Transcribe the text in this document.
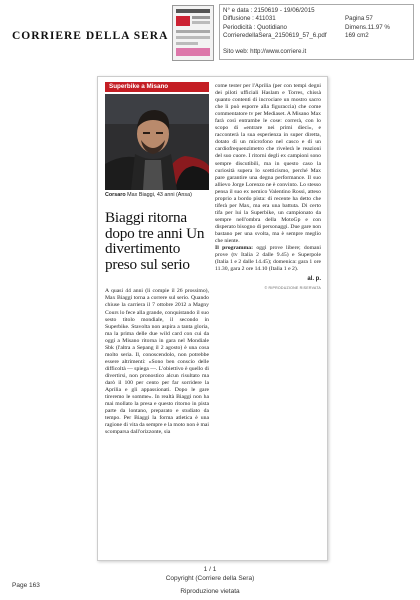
CORRIERE DELLA SERA
N° e data : 2150619 - 19/06/2015
Diffusione : 411031	Pagina 57
Periodicità : Quotidiano	Dimens.11.97 %
CorrieredellaSera_2150619_57_6.pdf	169 cm2
Sito web: http://www.corriere.it
Superbike a Misano
Corsaro Max Biaggi, 43 anni (Ansa)
Biaggi ritorna dopo tre anni Un divertimento preso sul serio

A quasi 44 anni (li compie il 26 prossimo), Max Biaggi torna a correre sul serio. Quando chiuse la carriera il 7 ottobre 2012 a Magny Cours lo fece alla grande, conquistando il suo sesto titolo mondiale, il secondo in Superbike. Stavolta non aspira a tanta gloria, ma la prima delle due wild card con cui da oggi a Misano ritorna in gara nel Mondiale Sbk (l'altra a Sepang il 2 agosto) è una cosa molto seria. Il, conoscendolo, non potrebbe essere altrimenti: «Sono ben conscio delle difficoltà — spiega —. L'obiettivo è quello di divertirsi, non pronostico alcun risultato ma darò il 100 per cento per far sorridere la Aprilia e gli appassionati. Dopo le gare tireremo le somme». In realtà Biaggi non ha mai mollato la presa e questo ritorno in pista parte da lontano, preparato e studiato da tempo. Per Biaggi la forma atletica è una ragione di vita da sempre e la moto non è mai scomparsa dall'orizzonte, sia

come tester per l'Aprilia (per con tempi degni dei piloti ufficiali Haslam e Torres, chissà quanto contenti di incrociare un mostro sacro che li può esporre alla figuraccia) che come commentatore tv per Mediaset. A Misano Max farà così entrambe le cose: correrà, con lo scopo di «entrare nei primi dieci», e racconterà la sua esperienza in super diretta, dotato di un microfono nel casco e di un cardiofrequenzimetro che rivelerà le reazioni del suo cuore. I ritorni degli ex campioni sono sempre discutibili, ma in questo caso la curiosità supera lo scetticismo, perché Max pare garantire una degna performance. Il suo allievo Jorge Lorenzo ne è convinto. Lo stesso pensa il suo ex nemico Valentino Rossi, atteso proprio a bordo pista: di recente ha detto che tiferà per Max, ma era una battuta. Di certo tifa per lui la Superbike, un campionato da sempre nell'ombra della MotoGp e con disperato bisogno di personaggi. Due gare non bastano per una svolta, ma è sempre meglio che niente.

Il programma: oggi prove libere; domani prove (tv Italia 2 dalle 9.45) e Superpole (Italia 1 e 2 dalle 14.45); domenica: gara 1 ore 11.30, gara 2 ore 14.10 (Italia 1 e 2).

al. p.
© RIPRODUZIONE RISERVATA
1 / 1
Copyright (Corriere della Sera)
Riproduzione vietata
Page 163
